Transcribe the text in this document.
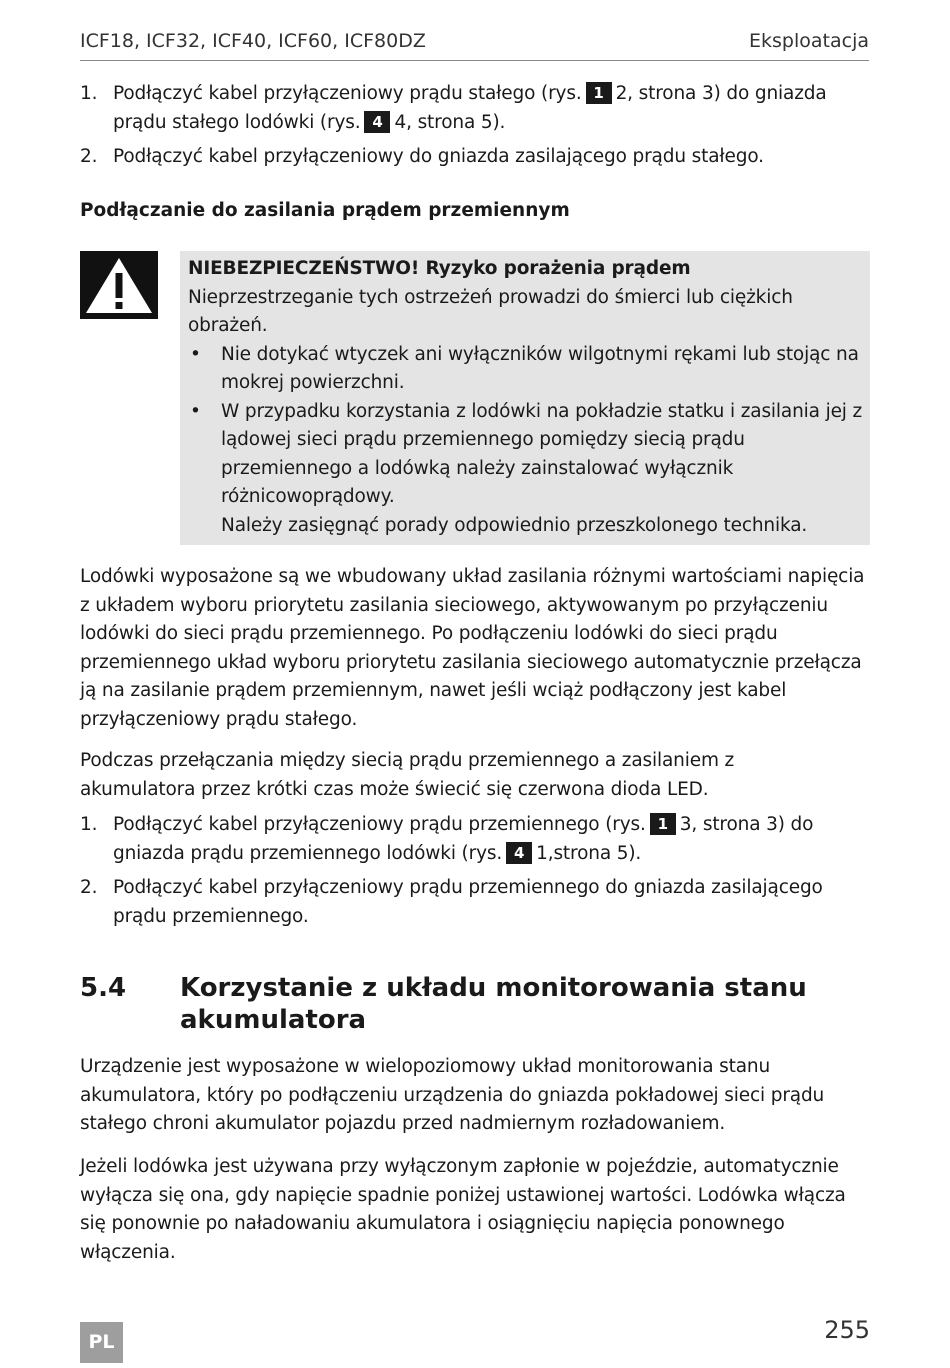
ICF18, ICF32, ICF40, ICF60, ICF80DZ	Eksploatacja
1. Podłączyć kabel przyłączeniowy prądu stałego (rys. 1 2, strona 3) do gniazda prądu stałego lodówki (rys. 4 4, strona 5).
2. Podłączyć kabel przyłączeniowy do gniazda zasilającego prądu stałego.
Podłączanie do zasilania prądem przemiennym
NIEBEZPIECZEŃSTWO! Ryzyko porażenia prądem
Nieprzestrzeganie tych ostrzeżeń prowadzi do śmierci lub ciężkich obrażeń.
• Nie dotykać wtyczek ani wyłączników wilgotnymi rękami lub stojąc na mokrej powierzchni.
• W przypadku korzystania z lodówki na pokładzie statku i zasilania jej z lądowej sieci prądu przemiennego pomiędzy siecią prądu przemiennego a lodówką należy zainstalować wyłącznik różnicowoprądowy.
Należy zasięgnąć porady odpowiednio przeszkolonego technika.
Lodówki wyposażone są we wbudowany układ zasilania różnymi wartościami napięcia z układem wyboru priorytetu zasilania sieciowego, aktywowanym po przyłączeniu lodówki do sieci prądu przemiennego. Po podłączeniu lodówki do sieci prądu przemiennego układ wyboru priorytetu zasilania sieciowego automatycznie przełącza ją na zasilanie prądem przemiennym, nawet jeśli wciąż podłączony jest kabel przyłączeniowy prądu stałego.
Podczas przełączania między siecią prądu przemiennego a zasilaniem z akumulatora przez krótki czas może świecić się czerwona dioda LED.
1. Podłączyć kabel przyłączeniowy prądu przemiennego (rys. 1 3, strona 3) do gniazda prądu przemiennego lodówki (rys. 4 1,strona 5).
2. Podłączyć kabel przyłączeniowy prądu przemiennego do gniazda zasilającego prądu przemiennego.
5.4 Korzystanie z układu monitorowania stanu akumulatora
Urządzenie jest wyposażone w wielopoziomowy układ monitorowania stanu akumulatora, który po podłączeniu urządzenia do gniazda pokładowej sieci prądu stałego chroni akumulator pojazdu przed nadmiernym rozładowaniem.
Jeżeli lodówka jest używana przy wyłączonym zapłonie w pojeździe, automatycznie wyłącza się ona, gdy napięcie spadnie poniżej ustawionej wartości. Lodówka włącza się ponownie po naładowaniu akumulatora i osiągnięciu napięcia ponownego włączenia.
PL	255
